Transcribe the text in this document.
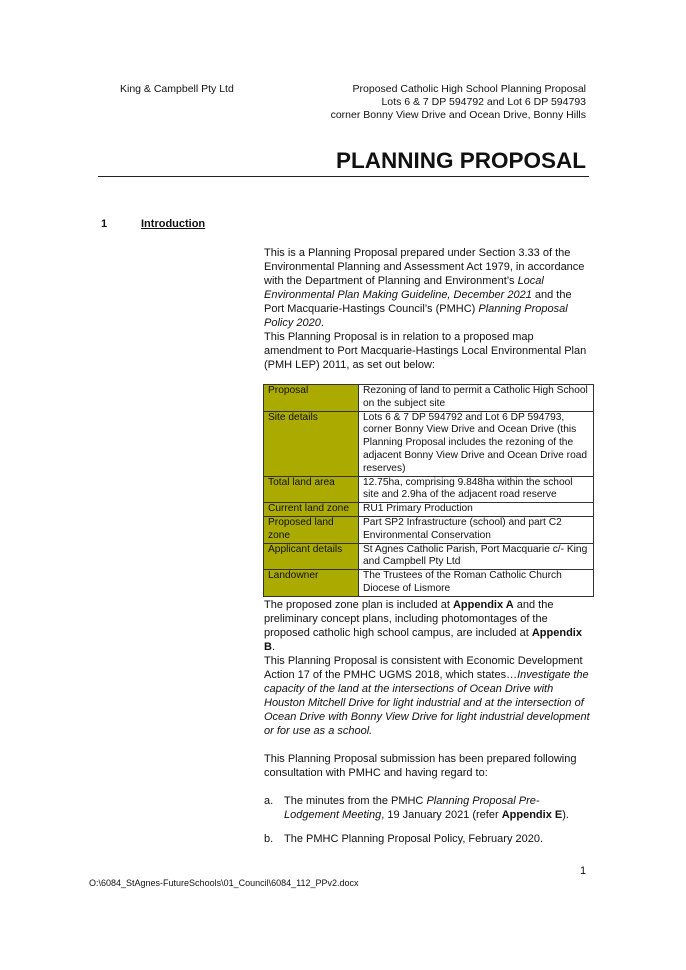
King & Campbell Pty Ltd	Proposed Catholic High School Planning Proposal
Lots 6 & 7 DP 594792 and Lot 6 DP 594793
corner Bonny View Drive and Ocean Drive, Bonny Hills
PLANNING PROPOSAL
1	Introduction

This is a Planning Proposal prepared under Section 3.33 of the Environmental Planning and Assessment Act 1979, in accordance with the Department of Planning and Environment’s Local Environmental Plan Making Guideline, December 2021 and the Port Macquarie-Hastings Council’s (PMHC) Planning Proposal Policy 2020.

This Planning Proposal is in relation to a proposed map amendment to Port Macquarie-Hastings Local Environmental Plan (PMH LEP) 2011, as set out below:

Proposal	Rezoning of land to permit a Catholic High School on the subject site
Site details	Lots 6 & 7 DP 594792 and Lot 6 DP 594793, corner Bonny View Drive and Ocean Drive (this Planning Proposal includes the rezoning of the adjacent Bonny View Drive and Ocean Drive road reserves)
Total land area	12.75ha, comprising 9.848ha within the school site and 2.9ha of the adjacent road reserve
Current land zone	RU1 Primary Production
Proposed land zone	Part SP2 Infrastructure (school) and part C2 Environmental Conservation
Applicant details	St Agnes Catholic Parish, Port Macquarie c/- King and Campbell Pty Ltd
Landowner	The Trustees of the Roman Catholic Church Diocese of Lismore

The proposed zone plan is included at Appendix A and the preliminary concept plans, including photomontages of the proposed catholic high school campus, are included at Appendix B.

This Planning Proposal is consistent with Economic Development Action 17 of the PMHC UGMS 2018, which states…Investigate the capacity of the land at the intersections of Ocean Drive with Houston Mitchell Drive for light industrial and at the intersection of Ocean Drive with Bonny View Drive for light industrial development or for use as a school.

This Planning Proposal submission has been prepared following consultation with PMHC and having regard to:

a. The minutes from the PMHC Planning Proposal Pre-Lodgement Meeting, 19 January 2021 (refer Appendix E).
b. The PMHC Planning Proposal Policy, February 2020.
1
O:\6084_StAgnes-FutureSchools\01_Council\6084_112_PPv2.docx
